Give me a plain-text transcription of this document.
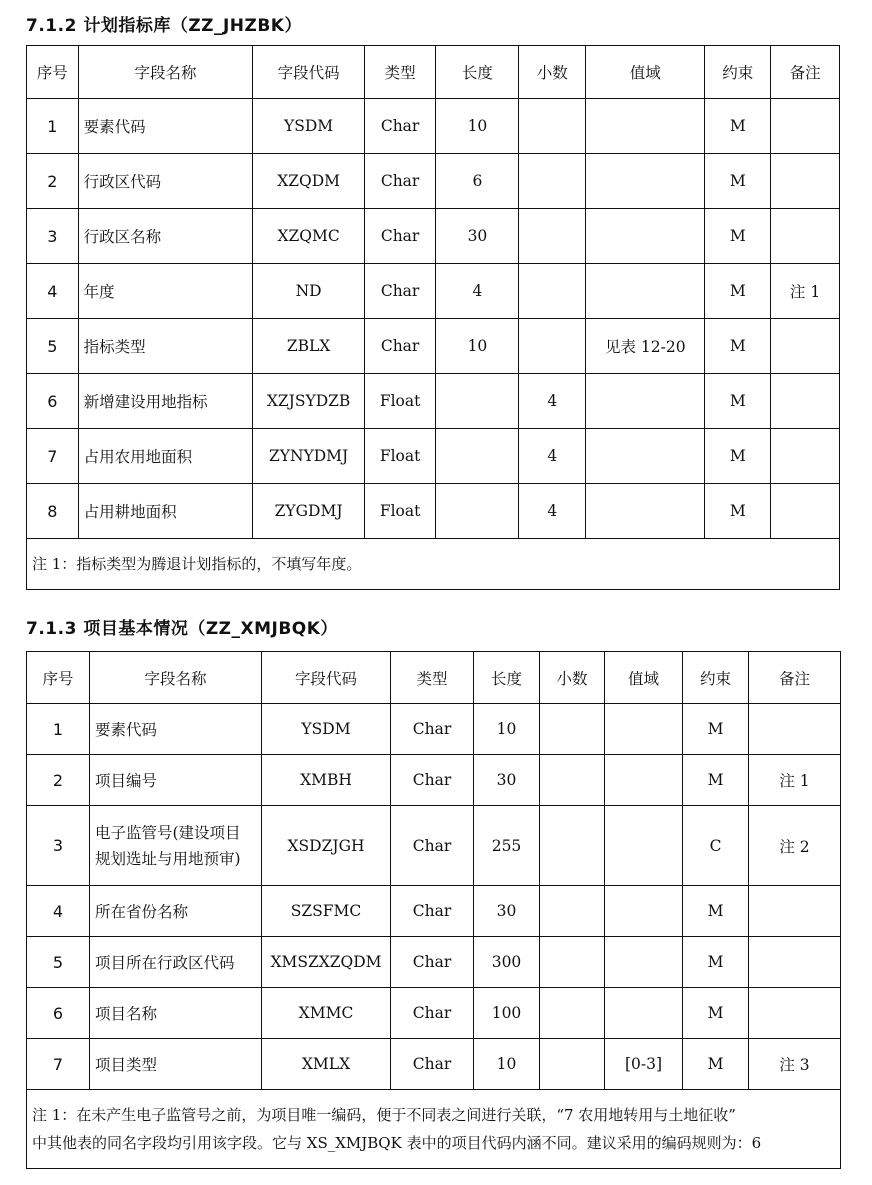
7.1.2 计划指标库（ZZ_JHZBK）
序号	字段名称	字段代码	类型	长度	小数	值域	约束	备注
1	要素代码	YSDM	Char	10			M	
2	行政区代码	XZQDM	Char	6			M	
3	行政区名称	XZQMC	Char	30			M	
4	年度	ND	Char	4			M	注 1
5	指标类型	ZBLX	Char	10		见表 12-20	M	
6	新增建设用地指标	XZJSYDZB	Float		4		M	
7	占用农用地面积	ZYNYDMJ	Float		4		M	
8	占用耕地面积	ZYGDMJ	Float		4		M	

注 1：指标类型为腾退计划指标的，不填写年度。								
7.1.3 项目基本情况（ZZ_XMJBQK）
序号	字段名称	字段代码	类型	长度	小数	值域	约束	备注
1	要素代码	YSDM	Char	10			M	
2	项目编号	XMBH	Char	30			M	注 1
3	电子监管号(建设项目
规划选址与用地预审)	XSDZJGH	Char	255			C	注 2
4	所在省份名称	SZSFMC	Char	30			M	
5	项目所在行政区代码	XMSZXZQDM	Char	300			M	
6	项目名称	XMMC	Char	100			M	
7	项目类型	XMLX	Char	10		[0-3]	M	注 3

注 1：在未产生电子监管号之前，为项目唯一编码，便于不同表之间进行关联，“7 农用地转用与土地征收”
中其他表的同名字段均引用该字段。它与 XS_XMJBQK 表中的项目代码内涵不同。建议采用的编码规则为：6								
